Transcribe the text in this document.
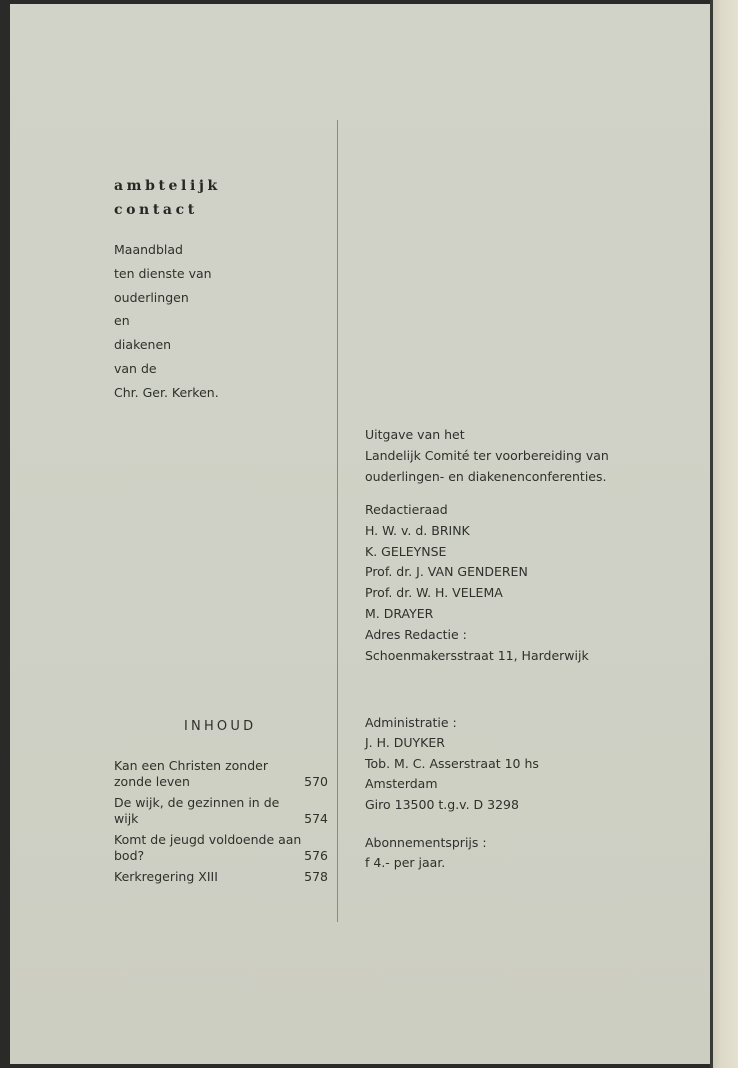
ambtelijk
contact
Maandblad
ten dienste van
ouderlingen
en
diakenen
van de
Chr. Ger. Kerken.
Uitgave van het
Landelijk Comité ter voorbereiding van
ouderlingen- en diakenenconferenties.
Redactieraad
H. W. v. d. BRINK
K. GELEYNSE
Prof. dr. J. VAN GENDEREN
Prof. dr. W. H. VELEMA
M. DRAYER
Adres Redactie :
Schoenmakersstraat 11, Harderwijk
INHOUD
Kan een Christen zonder zonde leven	570
De wijk, de gezinnen in de wijk	574
Komt de jeugd voldoende aan bod?	576
Kerkregering XIII	578
Administratie :
J. H. DUYKER
Tob. M. C. Asserstraat 10 hs
Amsterdam
Giro 13500 t.g.v. D 3298
Abonnementsprijs :
f 4.- per jaar.
